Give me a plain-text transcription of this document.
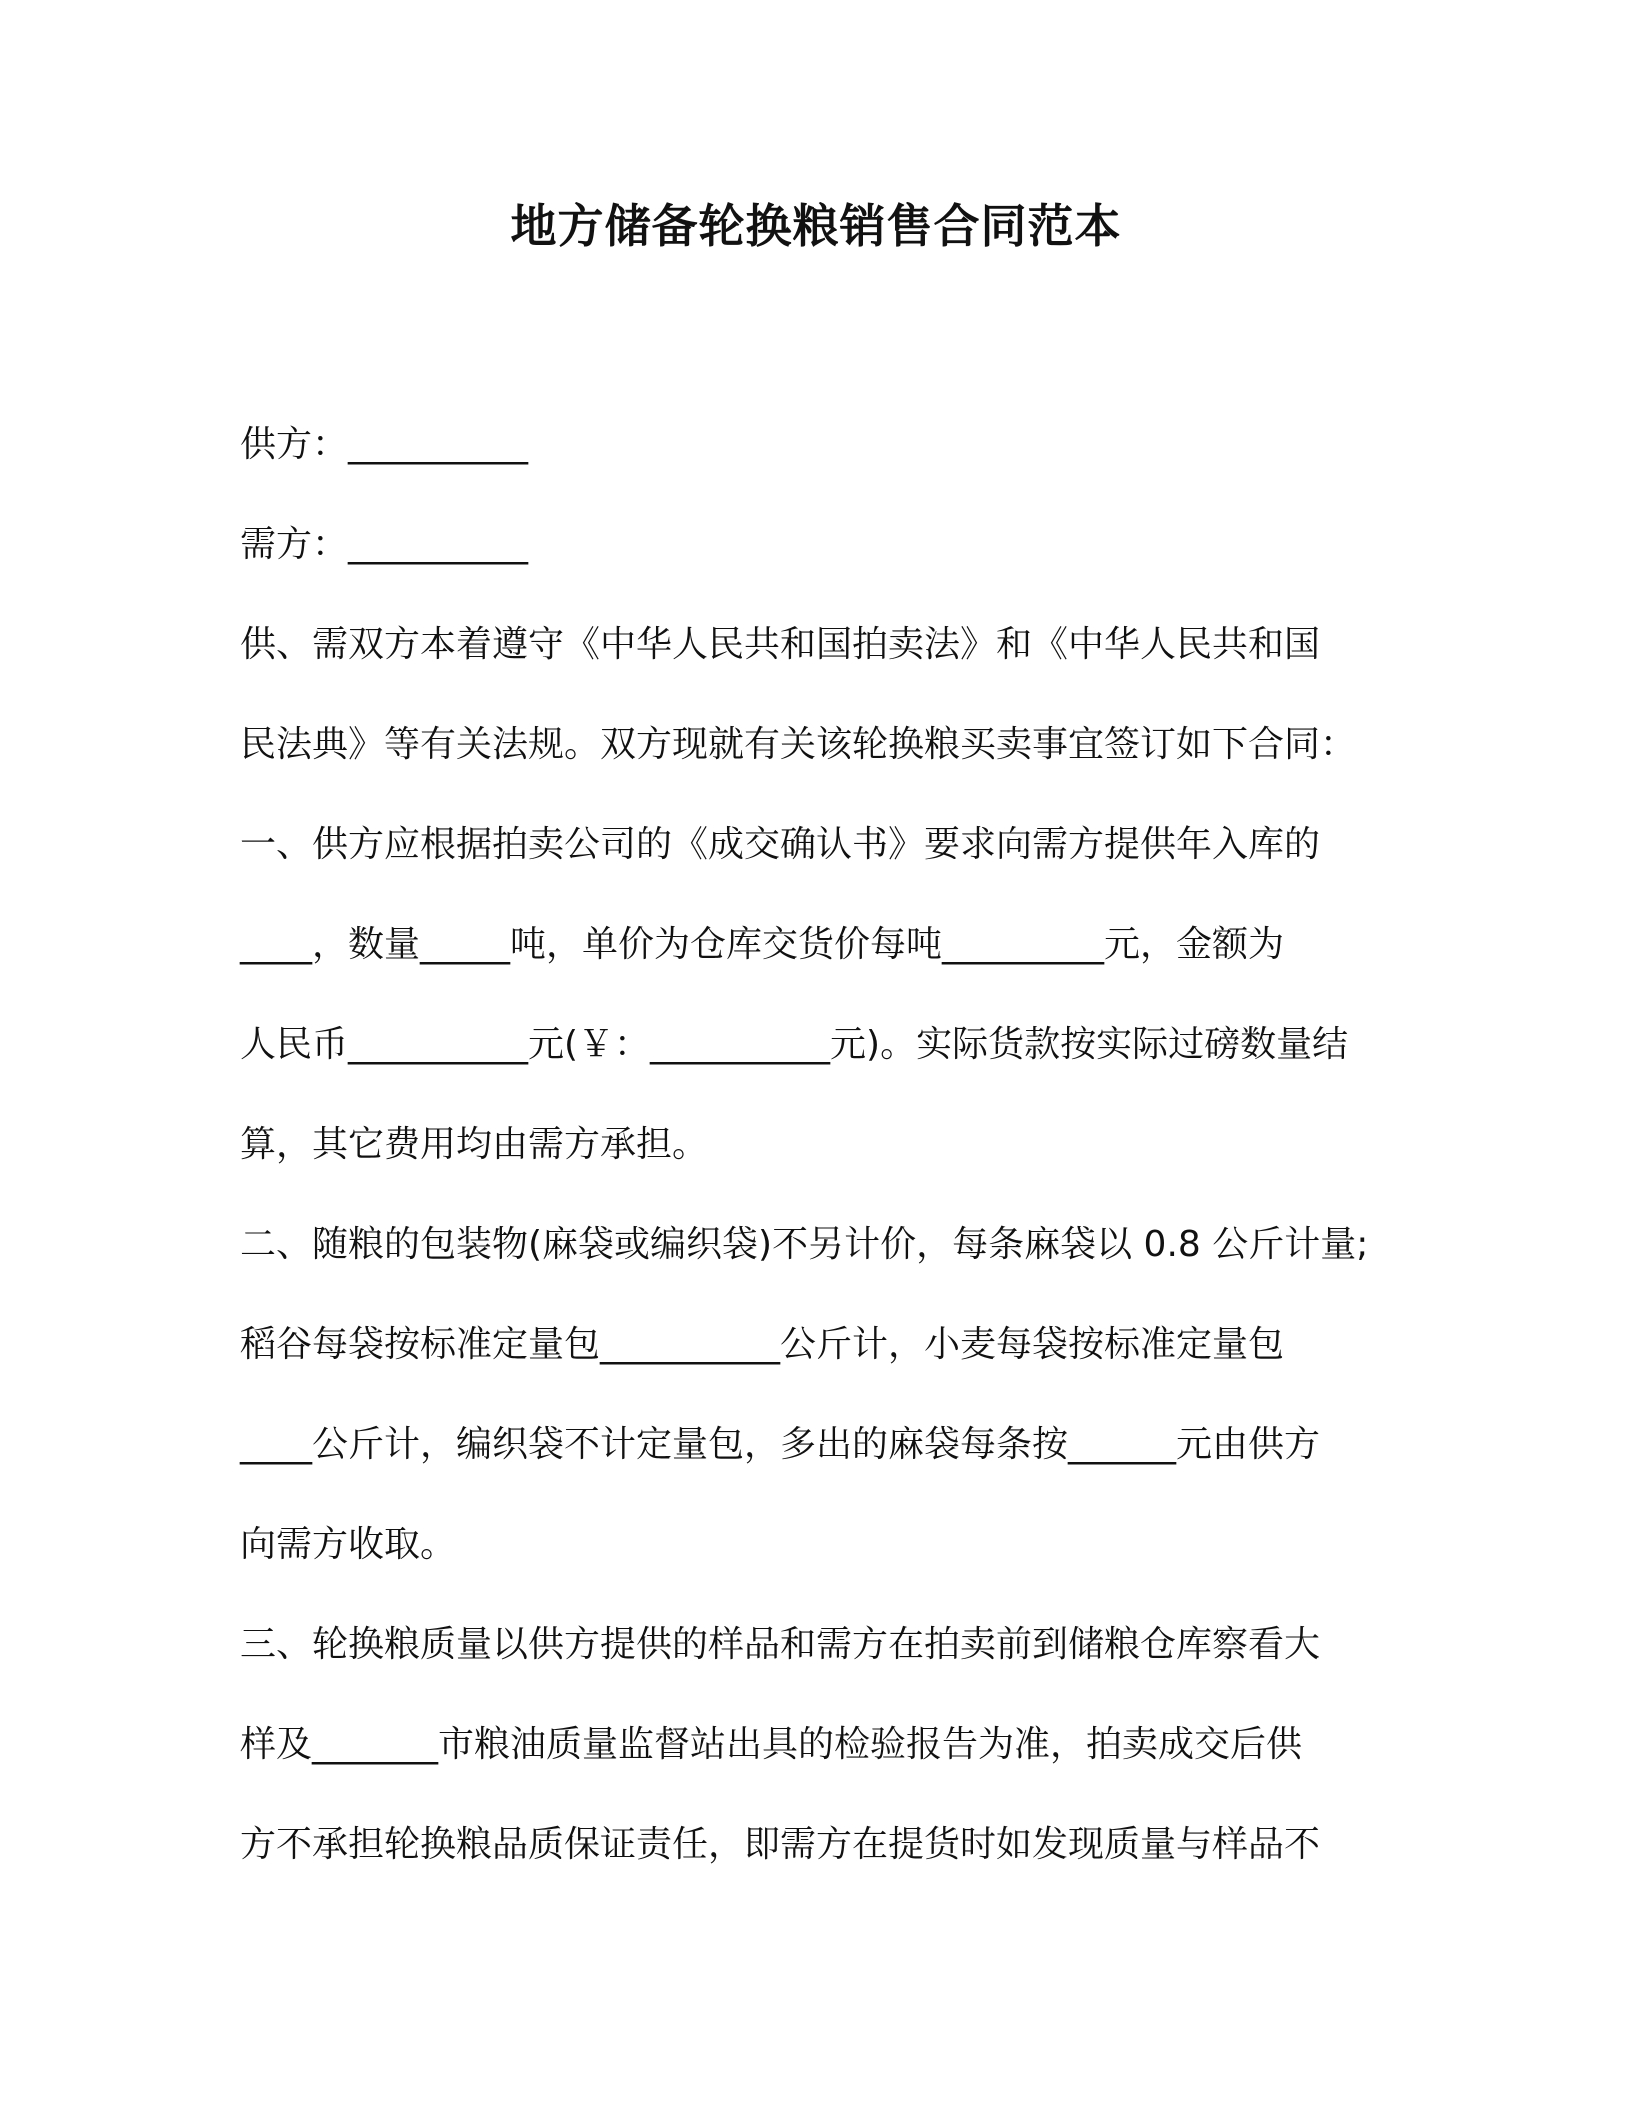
地方储备轮换粮销售合同范本

供方：__________

需方：__________

供、需双方本着遵守《中华人民共和国拍卖法》和《中华人民共和国

民法典》等有关法规。双方现就有关该轮换粮买卖事宜签订如下合同：

一、供方应根据拍卖公司的《成交确认书》要求向需方提供年入库的

____，数量_____吨，单价为仓库交货价每吨_________元，金额为

人民币__________元(￥：__________元)。实际货款按实际过磅数量结

算，其它费用均由需方承担。

二、随粮的包装物(麻袋或编织袋)不另计价，每条麻袋以 0.8 公斤计量;

稻谷每袋按标准定量包__________公斤计，小麦每袋按标准定量包

____公斤计，编织袋不计定量包，多出的麻袋每条按______元由供方

向需方收取。

三、轮换粮质量以供方提供的样品和需方在拍卖前到储粮仓库察看大

样及_______市粮油质量监督站出具的检验报告为准，拍卖成交后供

方不承担轮换粮品质保证责任，即需方在提货时如发现质量与样品不
